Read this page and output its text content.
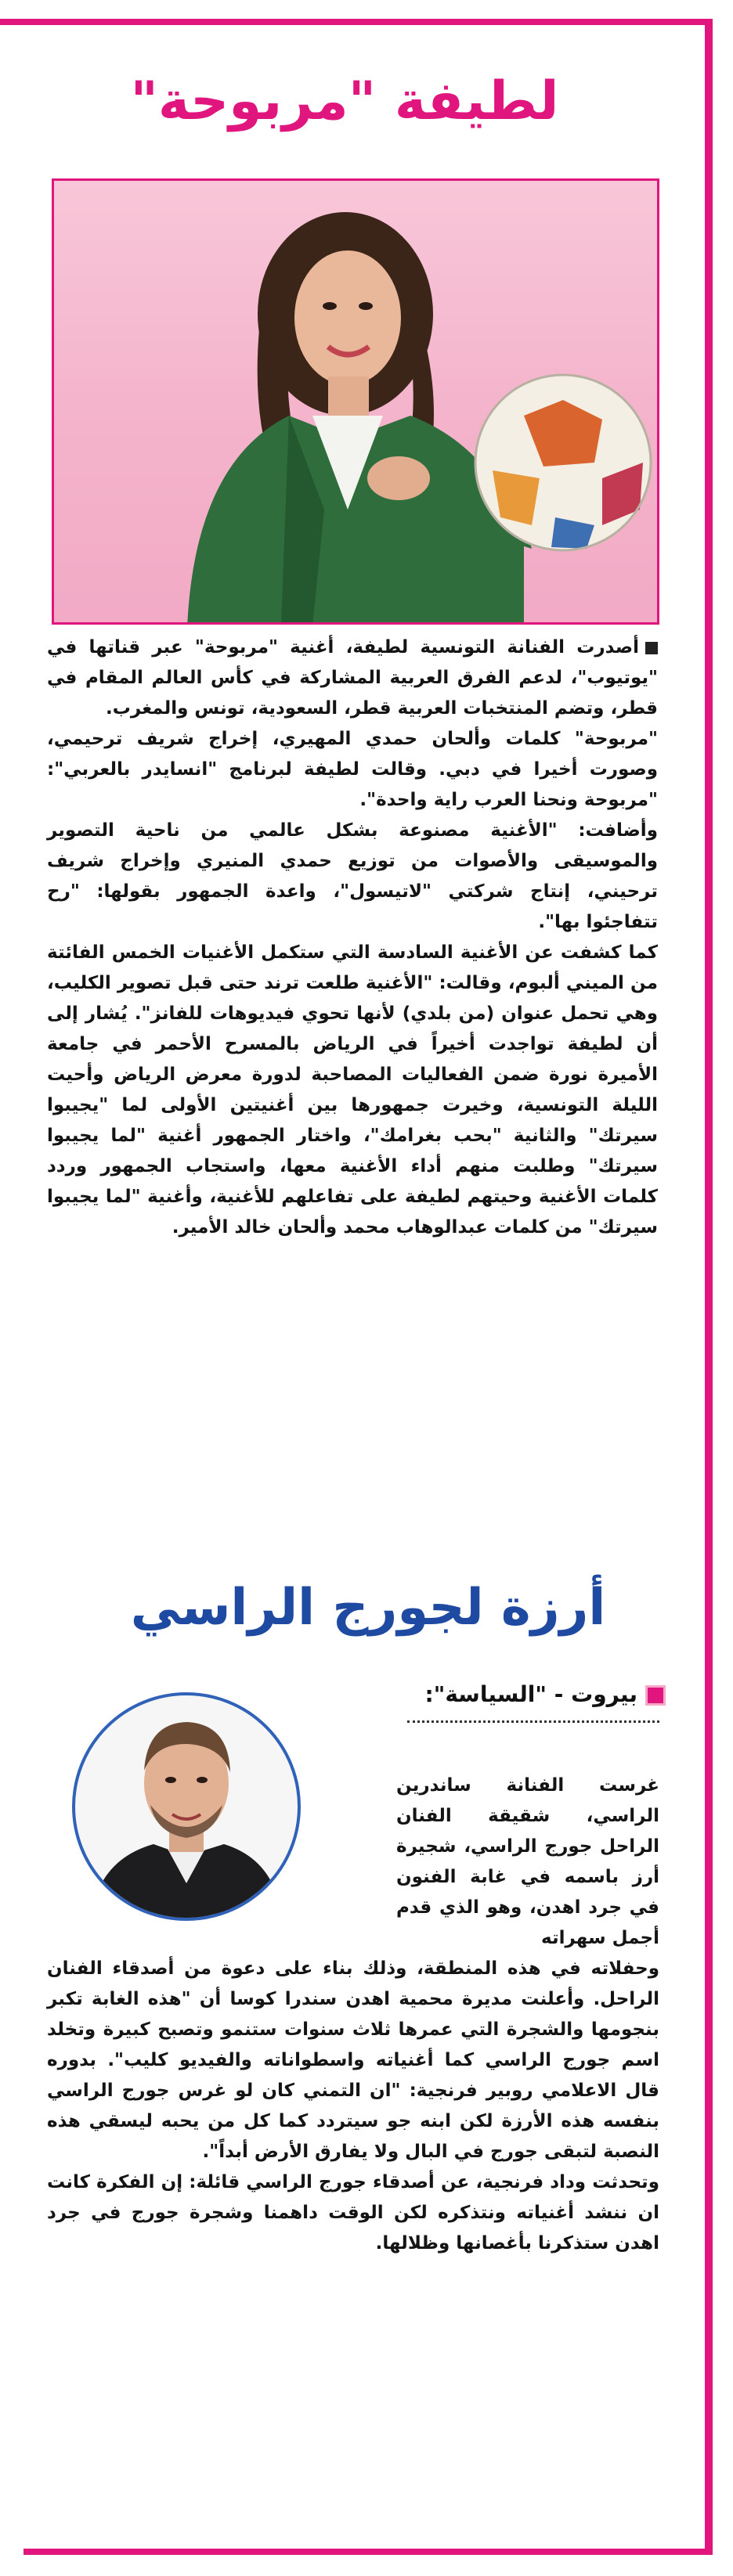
لطيفة "مربوحة"

أصدرت الفنانة التونسية لطيفة، أغنية "مربوحة" عبر قناتها في "يوتيوب"، لدعم الفرق العربية المشاركة في كأس العالم المقام في قطر، وتضم المنتخبات العربية قطر، السعودية، تونس والمغرب.

"مربوحة" كلمات وألحان حمدي المهيري، إخراج شريف ترحيمي، وصورت أخيرا في دبي. وقالت لطيفة لبرنامج "انسايدر بالعربي": "مربوحة ونحنا العرب راية واحدة".

وأضافت: "الأغنية مصنوعة بشكل عالمي من ناحية التصوير والموسيقى والأصوات من توزيع حمدي المنيري وإخراج شريف ترحيني، إنتاج شركتي "لاتيسول"، واعدة الجمهور بقولها: "رح تتفاجئوا بها".

كما كشفت عن الأغنية السادسة التي ستكمل الأغنيات الخمس الفائتة من الميني ألبوم، وقالت: "الأغنية طلعت ترند حتى قبل تصوير الكليب، وهي تحمل عنوان (من بلدي) لأنها تحوي فيديوهات للفانز". يُشار إلى أن لطيفة تواجدت أخيراً في الرياض بالمسرح الأحمر في جامعة الأميرة نورة ضمن الفعاليات المصاحبة لدورة معرض الرياض وأحيت الليلة التونسية، وخيرت جمهورها بين أغنيتين الأولى لما "يجيبوا سيرتك" والثانية "بحب بغرامك"، واختار الجمهور أغنية "لما يجيبوا سيرتك" وطلبت منهم أداء الأغنية معها، واستجاب الجمهور وردد كلمات الأغنية وحيتهم لطيفة على تفاعلهم للأغنية، وأغنية "لما يجيبوا سيرتك" من كلمات عبدالوهاب محمد وألحان خالد الأمير.

أرزة لجورج الراسي
بيروت - "السياسة":
غرست الفنانة ساندرين الراسي، شقيقة الفنان الراحل جورج الراسي، شجيرة أرز باسمه في غابة الفنون في جرد اهدن، وهو الذي قدم أجمل سهراته

وحفلاته في هذه المنطقة، وذلك بناء على دعوة من أصدقاء الفنان الراحل. وأعلنت مديرة محمية اهدن سندرا كوسا أن "هذه الغابة تكبر بنجومها والشجرة التي عمرها ثلاث سنوات ستنمو وتصبح كبيرة وتخلد اسم جورج الراسي كما أغنياته واسطواناته والفيديو كليب". بدوره قال الاعلامي روبير فرنجية: "ان التمني كان لو غرس جورج الراسي بنفسه هذه الأرزة لكن ابنه جو سيتردد كما كل من يحبه ليسقي هذه النصبة لتبقى جورج في البال ولا يفارق الأرض أبداً".

وتحدثت وداد فرنجية، عن أصدقاء جورج الراسي قائلة: إن الفكرة كانت ان ننشد أغنياته ونتذكره لكن الوقت داهمنا وشجرة جورج في جرد اهدن ستذكرنا بأغصانها وظلالها.
